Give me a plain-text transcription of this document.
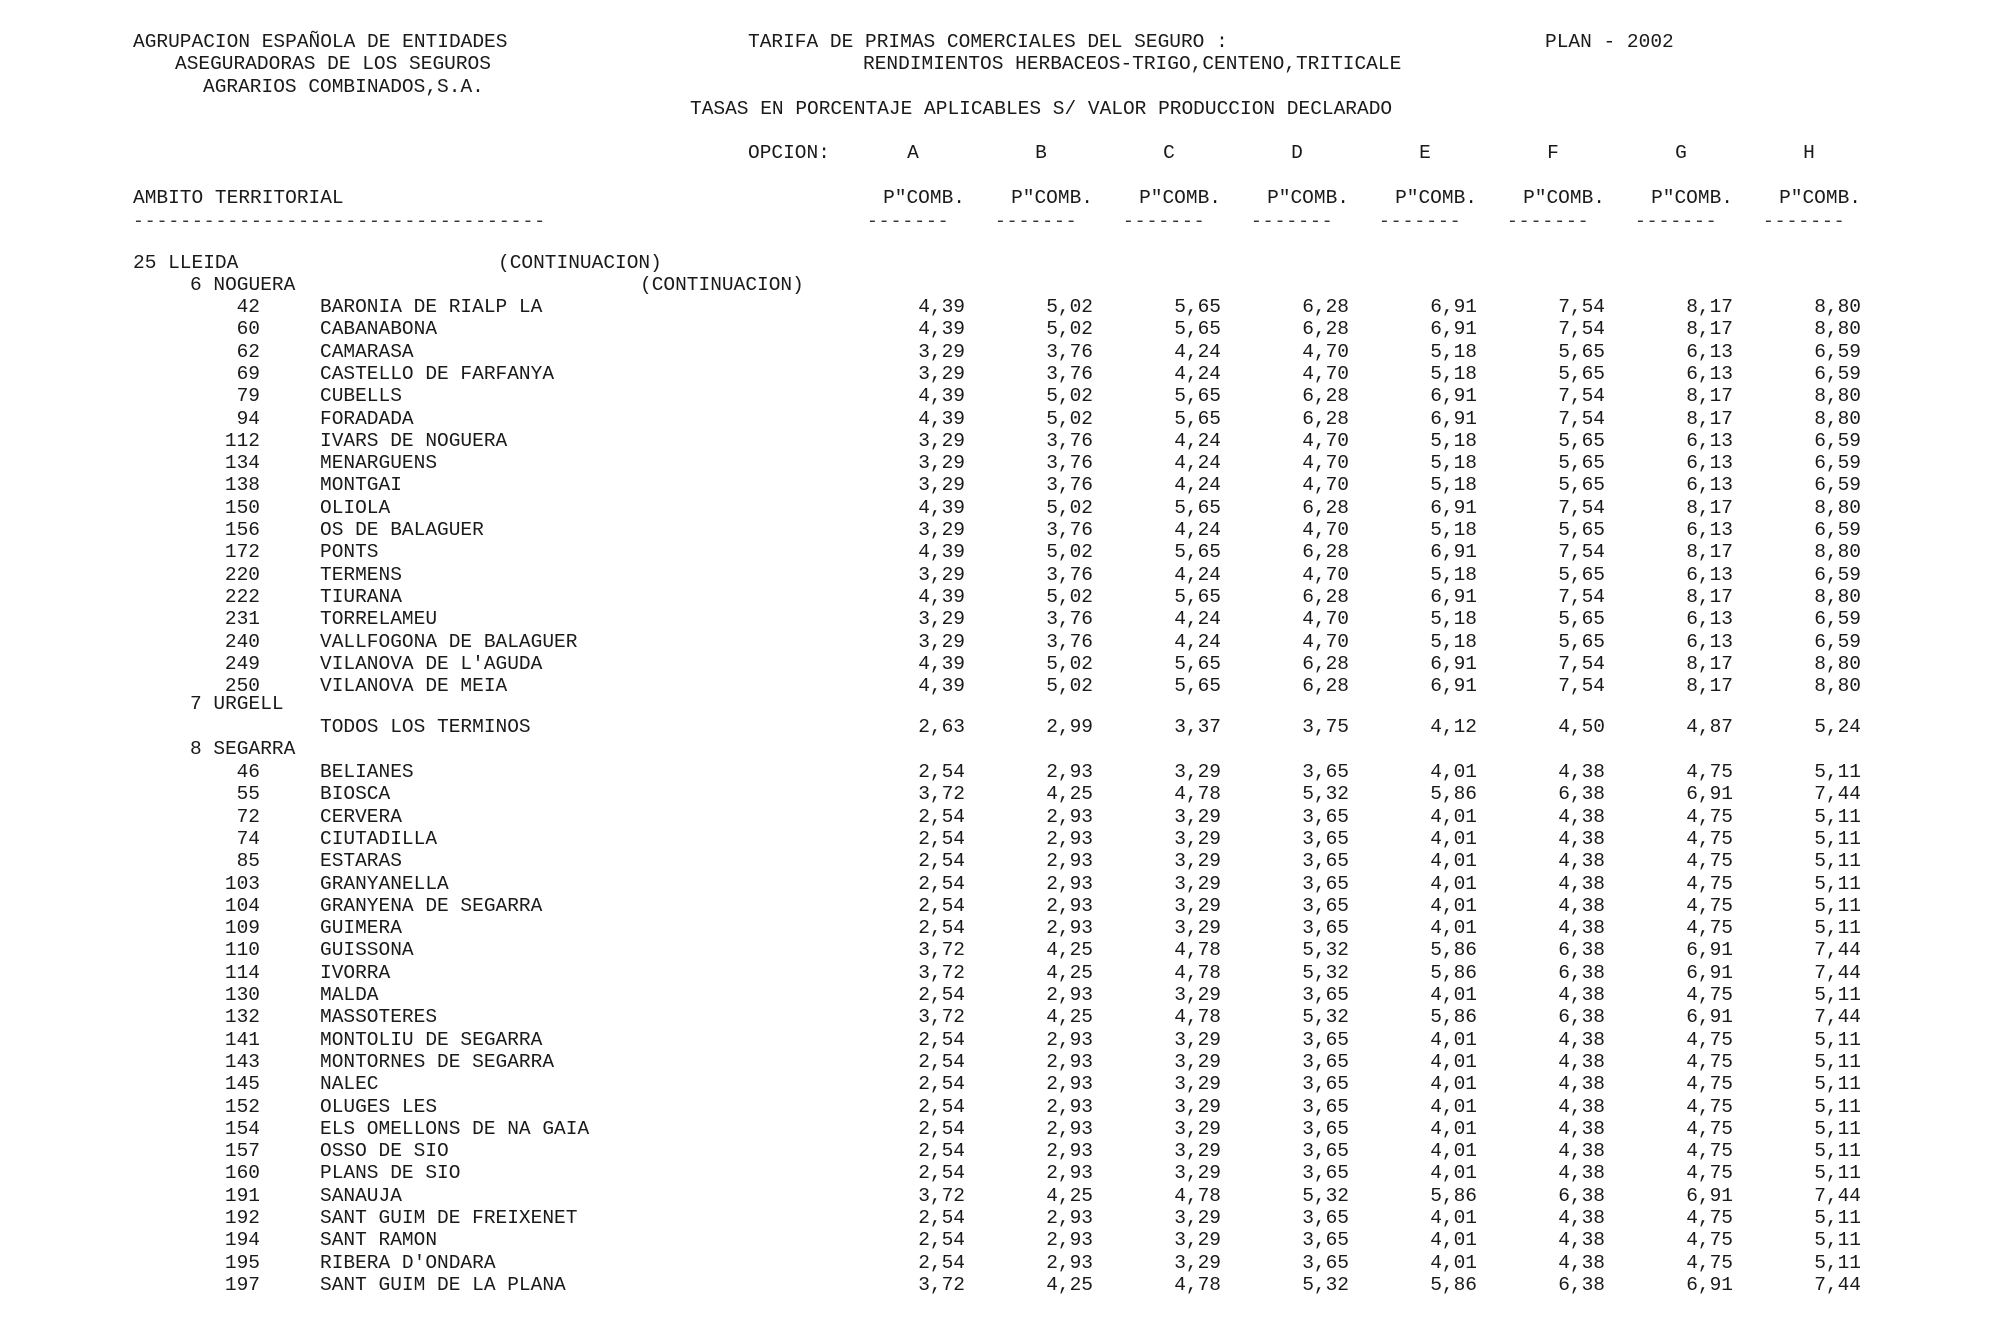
AGRUPACION ESPAÑOLA DE ENTIDADES
ASEGURADORAS DE LOS SEGUROS
AGRARIOS COMBINADOS,S.A.
TARIFA DE PRIMAS COMERCIALES DEL SEGURO :
RENDIMIENTOS HERBACEOS-TRIGO,CENTENO,TRITICALE
PLAN - 2002
TASAS EN PORCENTAJE APLICABLES S/ VALOR PRODUCCION DECLARADO
OPCION:	A	B	C	D	E	F	G	H
AMBITO TERRITORIAL	P"COMB.	P"COMB.	P"COMB.	P"COMB.	P"COMB.	P"COMB.	P"COMB.	P"COMB.
-----------------------------------	-------	-------	-------	-------	-------	-------	-------	-------

25 LLEIDA

	(CONTINUACION)

6 NOGUERA

	(CONTINUACION)

42	BARONIA DE RIALP LA	4,39	5,02	5,65	6,28	6,91	7,54	8,17	8,80
60	CABANABONA	4,39	5,02	5,65	6,28	6,91	7,54	8,17	8,80
62	CAMARASA	3,29	3,76	4,24	4,70	5,18	5,65	6,13	6,59
69	CASTELLO DE FARFANYA	3,29	3,76	4,24	4,70	5,18	5,65	6,13	6,59
79	CUBELLS	4,39	5,02	5,65	6,28	6,91	7,54	8,17	8,80
94	FORADADA	4,39	5,02	5,65	6,28	6,91	7,54	8,17	8,80
112	IVARS DE NOGUERA	3,29	3,76	4,24	4,70	5,18	5,65	6,13	6,59
134	MENARGUENS	3,29	3,76	4,24	4,70	5,18	5,65	6,13	6,59
138	MONTGAI	3,29	3,76	4,24	4,70	5,18	5,65	6,13	6,59
150	OLIOLA	4,39	5,02	5,65	6,28	6,91	7,54	8,17	8,80
156	OS DE BALAGUER	3,29	3,76	4,24	4,70	5,18	5,65	6,13	6,59
172	PONTS	4,39	5,02	5,65	6,28	6,91	7,54	8,17	8,80
220	TERMENS	3,29	3,76	4,24	4,70	5,18	5,65	6,13	6,59
222	TIURANA	4,39	5,02	5,65	6,28	6,91	7,54	8,17	8,80
231	TORRELAMEU	3,29	3,76	4,24	4,70	5,18	5,65	6,13	6,59
240	VALLFOGONA DE BALAGUER	3,29	3,76	4,24	4,70	5,18	5,65	6,13	6,59
249	VILANOVA DE L'AGUDA	4,39	5,02	5,65	6,28	6,91	7,54	8,17	8,80
250	VILANOVA DE MEIA	4,39	5,02	5,65	6,28	6,91	7,54	8,17	8,80

7 URGELL

TODOS LOS TERMINOS	2,63	2,99	3,37	3,75	4,12	4,50	4,87	5,24

8 SEGARRA

46	BELIANES	2,54	2,93	3,29	3,65	4,01	4,38	4,75	5,11
55	BIOSCA	3,72	4,25	4,78	5,32	5,86	6,38	6,91	7,44
72	CERVERA	2,54	2,93	3,29	3,65	4,01	4,38	4,75	5,11
74	CIUTADILLA	2,54	2,93	3,29	3,65	4,01	4,38	4,75	5,11
85	ESTARAS	2,54	2,93	3,29	3,65	4,01	4,38	4,75	5,11
103	GRANYANELLA	2,54	2,93	3,29	3,65	4,01	4,38	4,75	5,11
104	GRANYENA DE SEGARRA	2,54	2,93	3,29	3,65	4,01	4,38	4,75	5,11
109	GUIMERA	2,54	2,93	3,29	3,65	4,01	4,38	4,75	5,11
110	GUISSONA	3,72	4,25	4,78	5,32	5,86	6,38	6,91	7,44
114	IVORRA	3,72	4,25	4,78	5,32	5,86	6,38	6,91	7,44
130	MALDA	2,54	2,93	3,29	3,65	4,01	4,38	4,75	5,11
132	MASSOTERES	3,72	4,25	4,78	5,32	5,86	6,38	6,91	7,44
141	MONTOLIU DE SEGARRA	2,54	2,93	3,29	3,65	4,01	4,38	4,75	5,11
143	MONTORNES DE SEGARRA	2,54	2,93	3,29	3,65	4,01	4,38	4,75	5,11
145	NALEC	2,54	2,93	3,29	3,65	4,01	4,38	4,75	5,11
152	OLUGES LES	2,54	2,93	3,29	3,65	4,01	4,38	4,75	5,11
154	ELS OMELLONS DE NA GAIA	2,54	2,93	3,29	3,65	4,01	4,38	4,75	5,11
157	OSSO DE SIO	2,54	2,93	3,29	3,65	4,01	4,38	4,75	5,11
160	PLANS DE SIO	2,54	2,93	3,29	3,65	4,01	4,38	4,75	5,11
191	SANAUJA	3,72	4,25	4,78	5,32	5,86	6,38	6,91	7,44
192	SANT GUIM DE FREIXENET	2,54	2,93	3,29	3,65	4,01	4,38	4,75	5,11
194	SANT RAMON	2,54	2,93	3,29	3,65	4,01	4,38	4,75	5,11
195	RIBERA D'ONDARA	2,54	2,93	3,29	3,65	4,01	4,38	4,75	5,11
197	SANT GUIM DE LA PLANA	3,72	4,25	4,78	5,32	5,86	6,38	6,91	7,44
